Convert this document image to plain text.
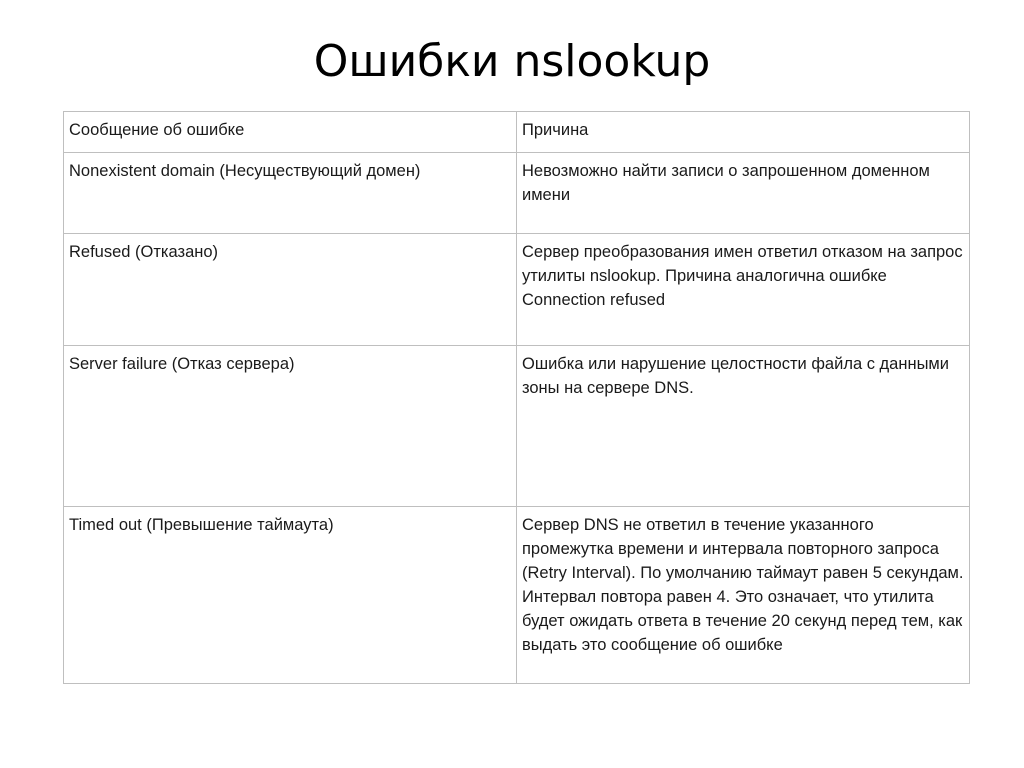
Ошибки nslookup
Сообщение об ошибке	Причина
Nonexistent domain (Несуществующий домен)	Невозможно найти записи о запрошенном доменном имени
Refused (Отказано)	Сервер преобразования имен ответил отказом на запрос утилиты nslookup. Причина аналогична ошибке Connection refused
Server failure (Отказ сервера)	Ошибка или нарушение целостности файла с данными зоны на сервере DNS.
Timed out (Превышение таймаута)	Сервер DNS не ответил в течение указанного промежутка времени и интервала повторного запроса (Retry Interval). По умолчанию таймаут равен 5 секундам. Интервал повтора равен 4. Это означает, что утилита будет ожидать ответа в течение 20 секунд перед тем, как выдать это сообщение об ошибке
